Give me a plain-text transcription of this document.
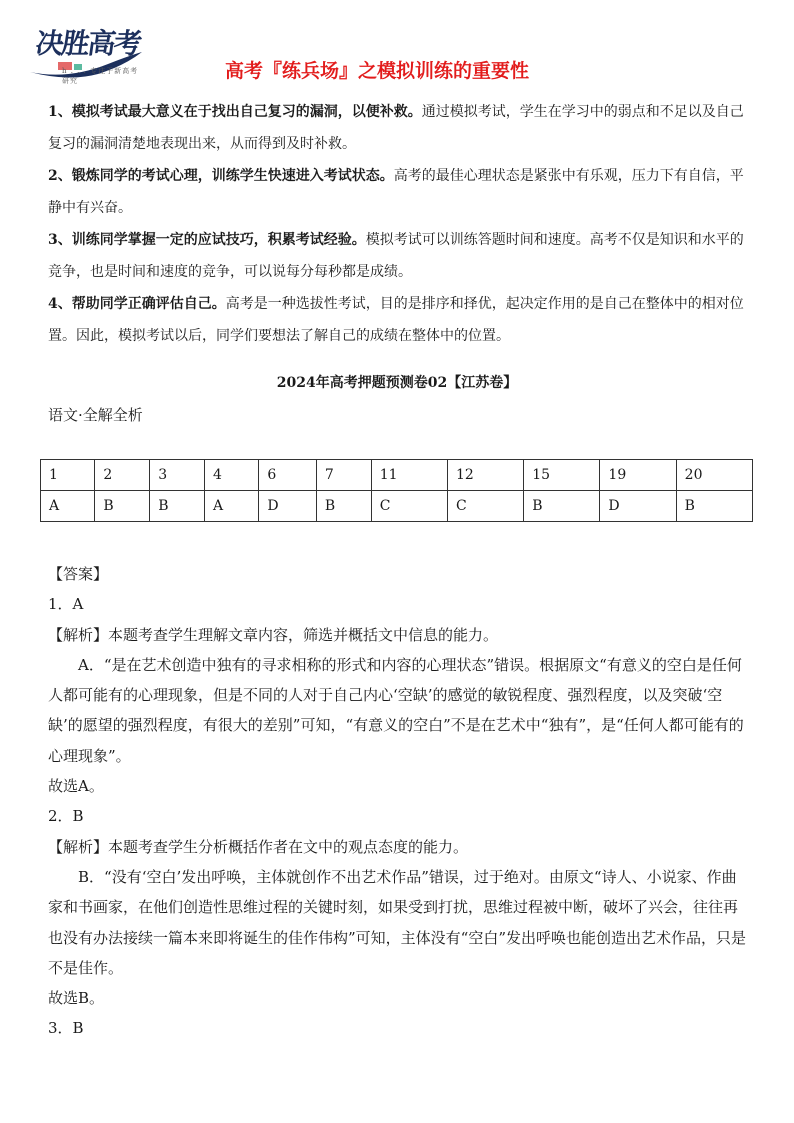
决胜高考
h . . . 专注于新高考研究	高考『练兵场』之模拟训练的重要性

1、模拟考试最大意义在于找出自己复习的漏洞，以便补救。通过模拟考试，学生在学习中的弱点和不足以及自己复习的漏洞清楚地表现出来，从而得到及时补救。

2、锻炼同学的考试心理，训练学生快速进入考试状态。高考的最佳心理状态是紧张中有乐观，压力下有自信，平静中有兴奋。

3、训练同学掌握一定的应试技巧，积累考试经验。模拟考试可以训练答题时间和速度。高考不仅是知识和水平的竞争，也是时间和速度的竞争，可以说每分每秒都是成绩。

4、帮助同学正确评估自己。高考是一种选拔性考试，目的是排序和择优，起决定作用的是自己在整体中的相对位置。因此，模拟考试以后，同学们要想法了解自己的成绩在整体中的位置。

2024年高考押题预测卷02【江苏卷】

语文·全解全析

1	2	3	4	6	7	11	12	15	19	20
A	B	B	A	D	B	C	C	B	D	B

【答案】

1．A

【解析】本题考查学生理解文章内容，筛选并概括文中信息的能力。

A．“是在艺术创造中独有的寻求相称的形式和内容的心理状态”错误。根据原文“有意义的空白是任何人都可能有的心理现象，但是不同的人对于自己内心‘空缺’的感觉的敏锐程度、强烈程度，以及突破‘空缺’的愿望的强烈程度，有很大的差别”可知，“有意义的空白”不是在艺术中“独有”，是“任何人都可能有的心理现象”。

故选A。

2．B

【解析】本题考查学生分析概括作者在文中的观点态度的能力。

B．“没有‘空白’发出呼唤，主体就创作不出艺术作品”错误，过于绝对。由原文“诗人、小说家、作曲家和书画家，在他们创造性思维过程的关键时刻，如果受到打扰，思维过程被中断，破坏了兴会，往往再也没有办法接续一篇本来即将诞生的佳作伟构”可知，主体没有“空白”发出呼唤也能创造出艺术作品，只是不是佳作。

故选B。

3．B
